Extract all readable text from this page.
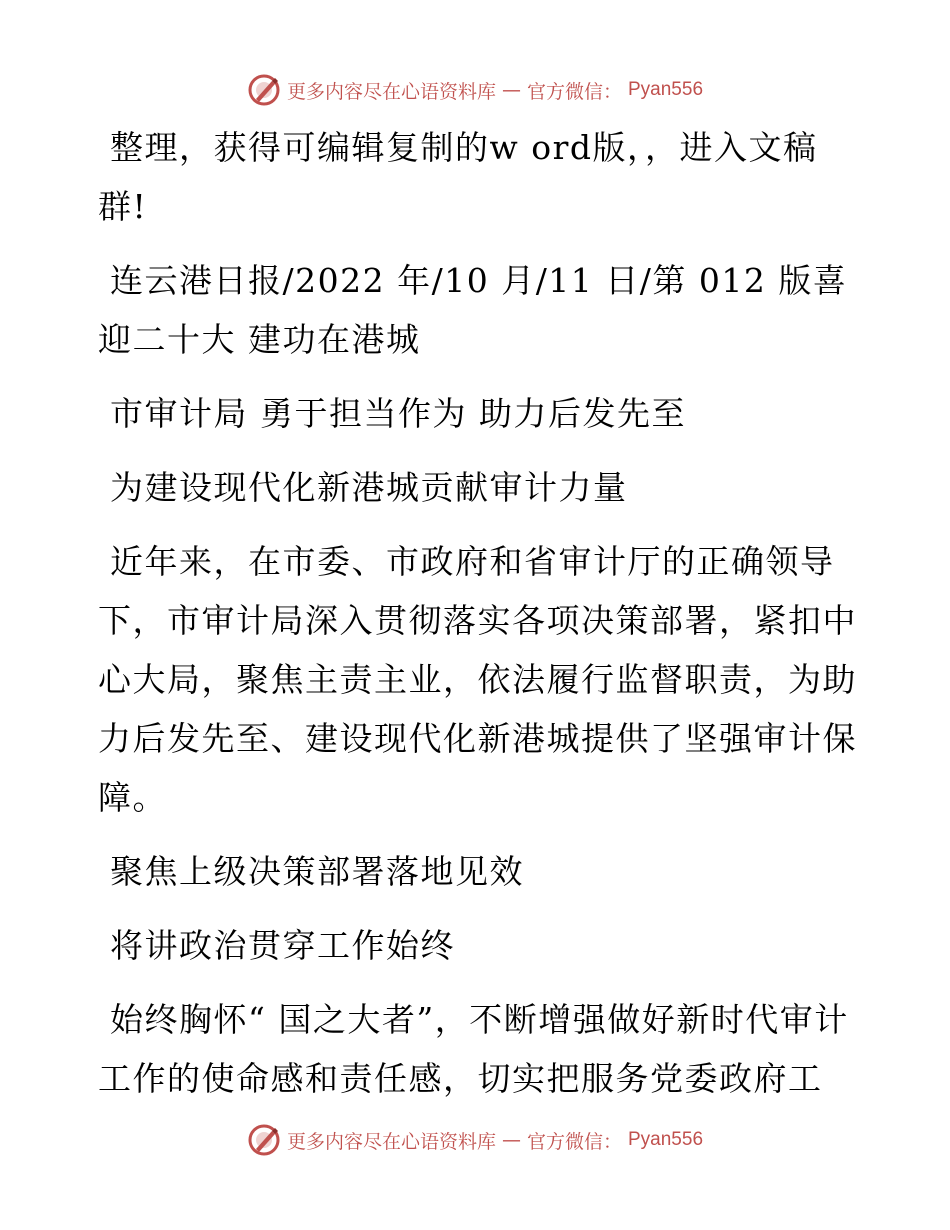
更多内容尽在心语资料库 — 官方微信： Pyan556

整理，获得可编辑复制的w ord版，，进入文稿群!

连云港日报/2022 年/10 月/11 日/第 012 版喜迎二十大 建功在港城

市审计局 勇于担当作为 助力后发先至

为建设现代化新港城贡献审计力量

近年来，在市委、市政府和省审计厅的正确领导下，市审计局深入贯彻落实各项决策部署，紧扣中心大局，聚焦主责主业，依法履行监督职责，为助力后发先至、建设现代化新港城提供了坚强审计保障。

聚焦上级决策部署落地见效

将讲政治贯穿工作始终

始终胸怀“ 国之大者”，不断增强做好新时代审计工作的使命感和责任感，切实把服务党委政府工

更多内容尽在心语资料库 — 官方微信： Pyan556
